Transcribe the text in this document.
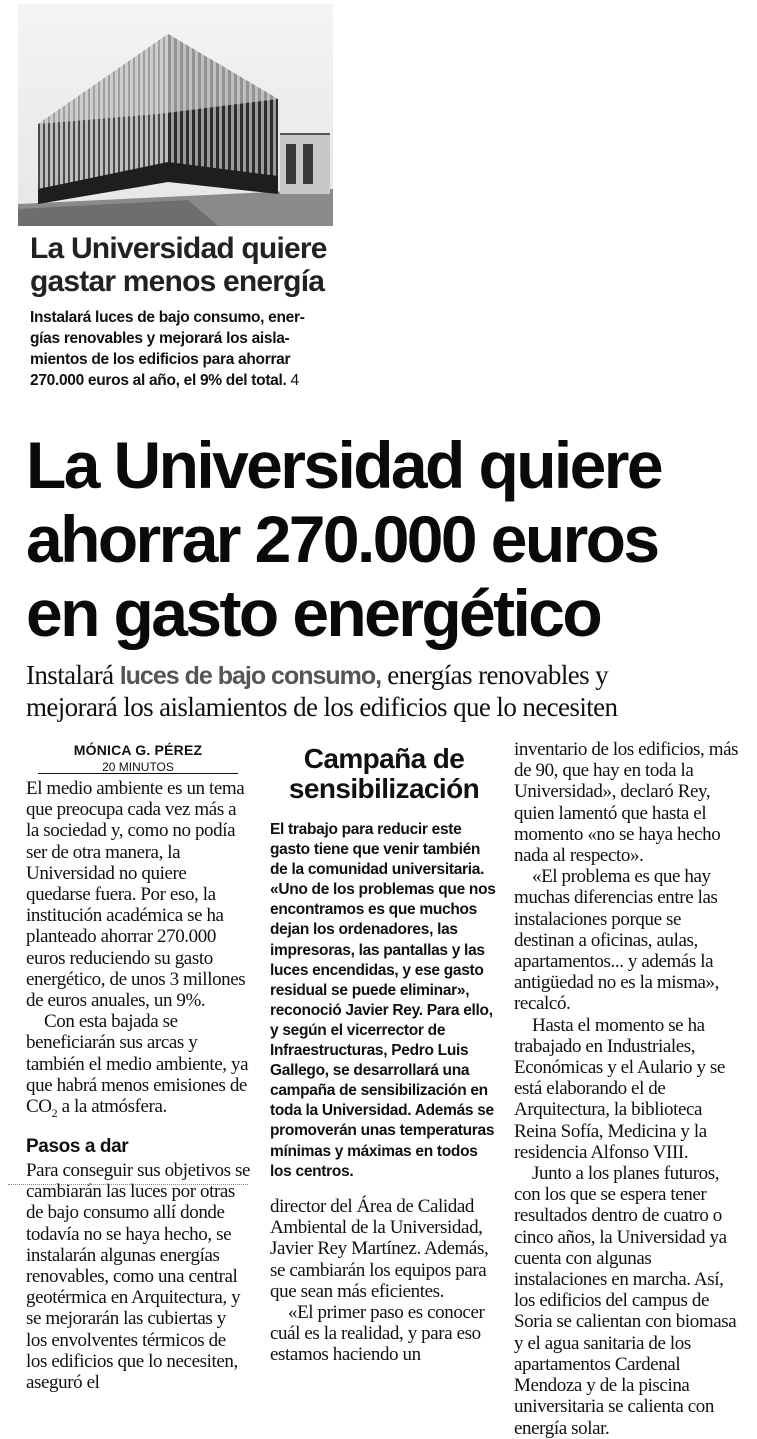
La Universidad quiere
gastar menos energía
Instalará luces de bajo consumo, ener-
gías renovables y mejorará los aisla-
mientos de los edificios para ahorrar
270.000 euros al año, el 9% del total. 4
La Universidad quiere
ahorrar 270.000 euros
en gasto energético
Instalará luces de bajo consumo, energías renovables y
mejorará los aislamientos de los edificios que lo necesiten
MÓNICA G. PÉREZ
20 MINUTOS

El medio ambiente es un tema que preocupa cada vez más a la sociedad y, como no podía ser de otra manera, la Universidad no quiere quedarse fuera. Por eso, la institución académica se ha planteado ahorrar 270.000 euros reduciendo su gasto energético, de unos 3 millones de euros anuales, un 9%.

Con esta bajada se beneficiarán sus arcas y también el medio ambiente, ya que habrá menos emisiones de $CO_2$ a la atmósfera.

Pasos a dar

Para conseguir sus objetivos se cambiarán las luces por otras de bajo consumo allí donde todavía no se haya hecho, se instalarán algunas energías renovables, como una central geotérmica en Arquitectura, y se mejorarán las cubiertas y los envolventes térmicos de los edificios que lo necesiten, aseguró el

Campaña de
sensibilización
El trabajo para reducir este gasto tiene que venir también de la comunidad universitaria. «Uno de los problemas que nos encontramos es que muchos dejan los ordenadores, las impresoras, las pantallas y las luces encendidas, y ese gasto residual se puede eliminar», reconoció Javier Rey. Para ello, y según el vicerrector de Infraestructuras, Pedro Luis Gallego, se desarrollará una campaña de sensibilización en toda la Universidad. Además se promoverán unas temperaturas mínimas y máximas en todos los centros.

director del Área de Calidad Ambiental de la Universidad, Javier Rey Martínez. Además, se cambiarán los equipos para que sean más eficientes.

«El primer paso es conocer cuál es la realidad, y para eso estamos haciendo un

inventario de los edificios, más de 90, que hay en toda la Universidad», declaró Rey, quien lamentó que hasta el momento «no se haya hecho nada al respecto».

«El problema es que hay muchas diferencias entre las instalaciones porque se destinan a oficinas, aulas, apartamentos... y además la antigüedad no es la misma», recalcó.

Hasta el momento se ha trabajado en Industriales, Económicas y el Aulario y se está elaborando el de Arquitectura, la biblioteca Reina Sofía, Medicina y la residencia Alfonso VIII.

Junto a los planes futuros, con los que se espera tener resultados dentro de cuatro o cinco años, la Universidad ya cuenta con algunas instalaciones en marcha. Así, los edificios del campus de Soria se calientan con biomasa y el agua sanitaria de los apartamentos Cardenal Mendoza y de la piscina universitaria se calienta con energía solar.
